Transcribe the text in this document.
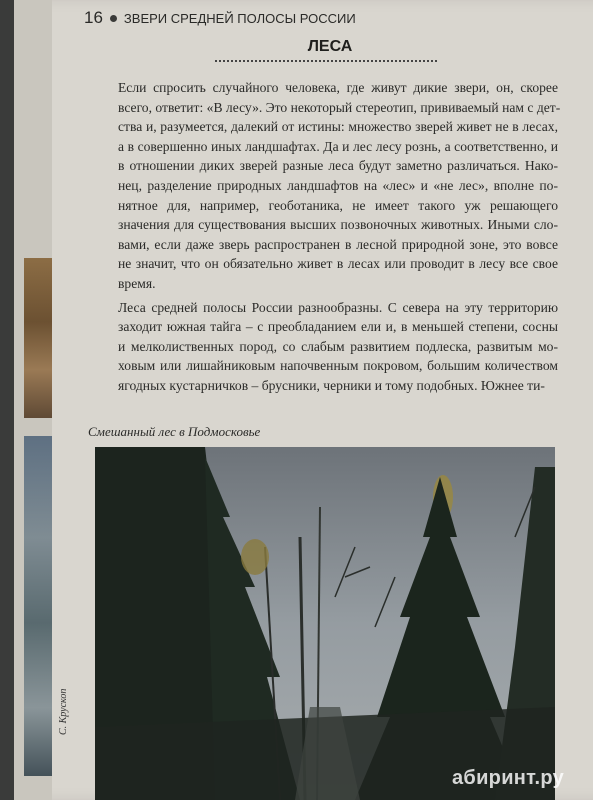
16 ЗВЕРИ СРЕДНЕЙ ПОЛОСЫ РОССИИ
ЛЕСА

Если спросить случайного человека, где живут дикие звери, он, скорее
всего, ответит: «В лесу». Это некоторый стереотип, прививаемый нам с дет-
ства и, разумеется, далекий от истины: множество зверей живет не в лесах,
а в совершенно иных ландшафтах. Да и лес лесу рознь, а соответственно, и
в отношении диких зверей разные леса будут заметно различаться. Нако-
нец, разделение природных ландшафтов на «лес» и «не лес», вполне по-
нятное для, например, геоботаника, не имеет такого уж решающего
значения для существования высших позвоночных животных. Иными сло-
вами, если даже зверь распространен в лесной природной зоне, это вовсе
не значит, что он обязательно живет в лесах или проводит в лесу все свое
время.

Леса средней полосы России разнообразны. С севера на эту территорию
заходит южная тайга – с преобладанием ели и, в меньшей степени, сосны
и мелколиственных пород, со слабым развитием подлеска, развитым мо-
ховым или лишайниковым напочвенным покровом, большим количеством
ягодных кустарничков – брусники, черники и тому подобных. Южнее ти-

Смешанный лес в Подмосковье
С. Крускоп
абиринт.ру
